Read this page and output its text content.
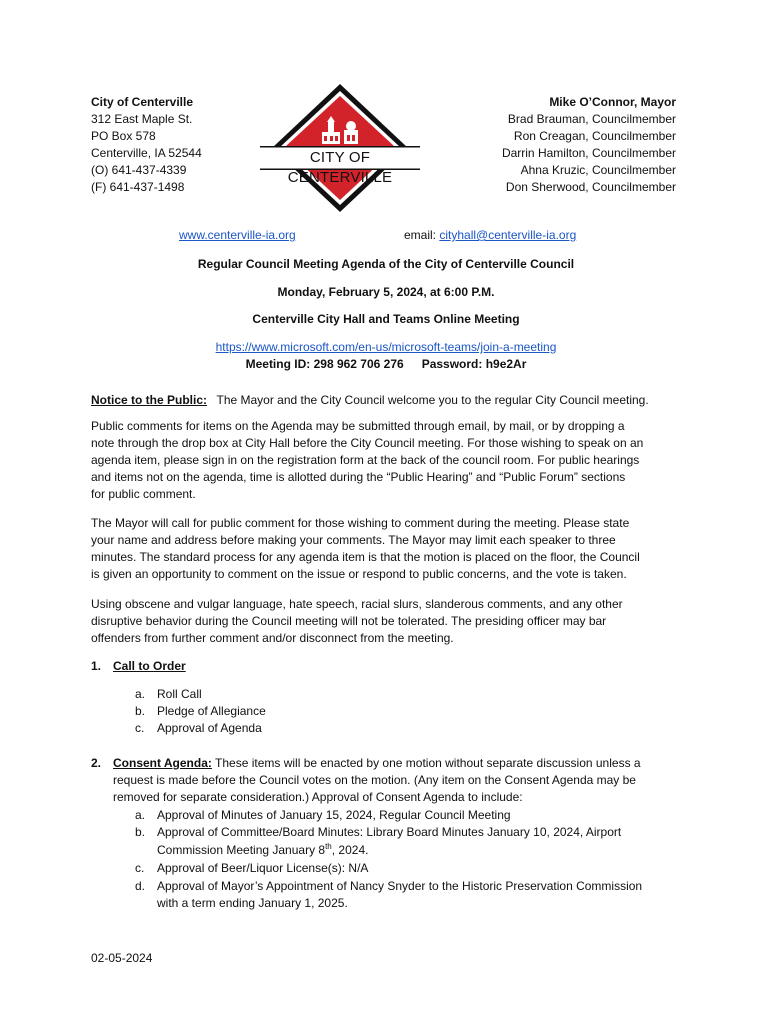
City of Centerville
312 East Maple St.
PO Box 578
Centerville, IA 52544
(O) 641-437-4339
(F) 641-437-1498
CITY OF CENTERVILLE
Mike O’Connor, Mayor
Brad Brauman, Councilmember
Ron Creagan, Councilmember
Darrin Hamilton, Councilmember
Ahna Kruzic, Councilmember
Don Sherwood, Councilmember
www.centerville-ia.org	email: cityhall@centerville-ia.org
Regular Council Meeting Agenda of the City of Centerville Council
Monday, February 5, 2024, at 6:00 P.M.
Centerville City Hall and Teams Online Meeting
https://www.microsoft.com/en-us/microsoft-teams/join-a-meeting
Meeting ID: 298 962 706 276 Password: h9e2Ar
Notice to the Public: The Mayor and the City Council welcome you to the regular City Council meeting.
Public comments for items on the Agenda may be submitted through email, by mail, or by dropping a
note through the drop box at City Hall before the City Council meeting. For those wishing to speak on an
agenda item, please sign in on the registration form at the back of the council room. For public hearings
and items not on the agenda, time is allotted during the “Public Hearing” and “Public Forum” sections
for public comment.
The Mayor will call for public comment for those wishing to comment during the meeting. Please state
your name and address before making your comments. The Mayor may limit each speaker to three
minutes. The standard process for any agenda item is that the motion is placed on the floor, the Council
is given an opportunity to comment on the issue or respond to public concerns, and the vote is taken.
Using obscene and vulgar language, hate speech, racial slurs, slanderous comments, and any other
disruptive behavior during the Council meeting will not be tolerated. The presiding officer may bar
offenders from further comment and/or disconnect from the meeting.
1. Call to Order
a. Roll Call
b. Pledge of Allegiance
c. Approval of Agenda
2. Consent Agenda: These items will be enacted by one motion without separate discussion unless a
request is made before the Council votes on the motion. (Any item on the Consent Agenda may be
removed for separate consideration.) Approval of Consent Agenda to include:
a. Approval of Minutes of January 15, 2024, Regular Council Meeting
b. Approval of Committee/Board Minutes: Library Board Minutes January 10, 2024, Airport
Commission Meeting January 8th, 2024.
c. Approval of Beer/Liquor License(s): N/A
d. Approval of Mayor’s Appointment of Nancy Snyder to the Historic Preservation Commission
with a term ending January 1, 2025.
02-05-2024
